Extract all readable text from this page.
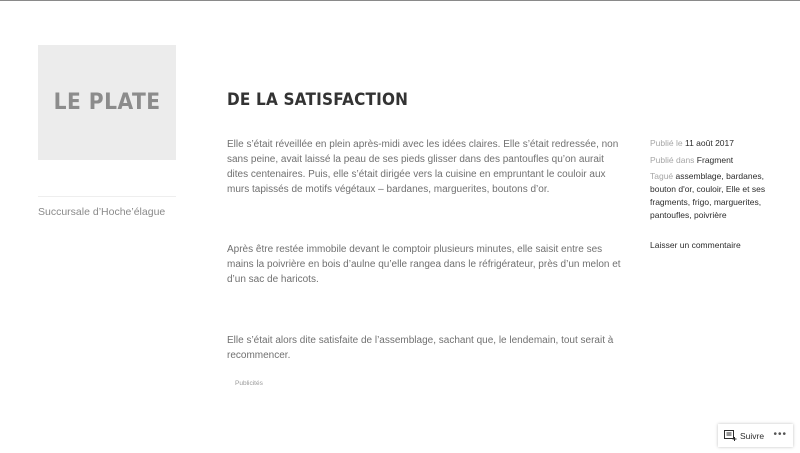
LE PLATE
Succursale d’Hoche’élague
DE LA SATISFACTION

Elle s’était réveillée en plein après-midi avec les idées claires. Elle s’était redressée, non sans peine, avait laissé la peau de ses pieds glisser dans des pantoufles qu’on aurait dites centenaires. Puis, elle s’était dirigée vers la cuisine en empruntant le couloir aux murs tapissés de motifs végétaux – bardanes, marguerites, boutons d’or.

Après être restée immobile devant le comptoir plusieurs minutes, elle saisit entre ses mains la poivrière en bois d’aulne qu’elle rangea dans le réfrigérateur, près d’un melon et d’un sac de haricots.

Elle s’était alors dite satisfaite de l’assemblage, sachant que, le lendemain, tout serait à recommencer.

Publicités
Publié le 11 août 2017
Publié dans Fragment
Tagué assemblage, bardanes, bouton d'or, couloir, Elle et ses fragments, frigo, marguerites, pantoufles, poivrière
Laisser un commentaire
Suivre •••
